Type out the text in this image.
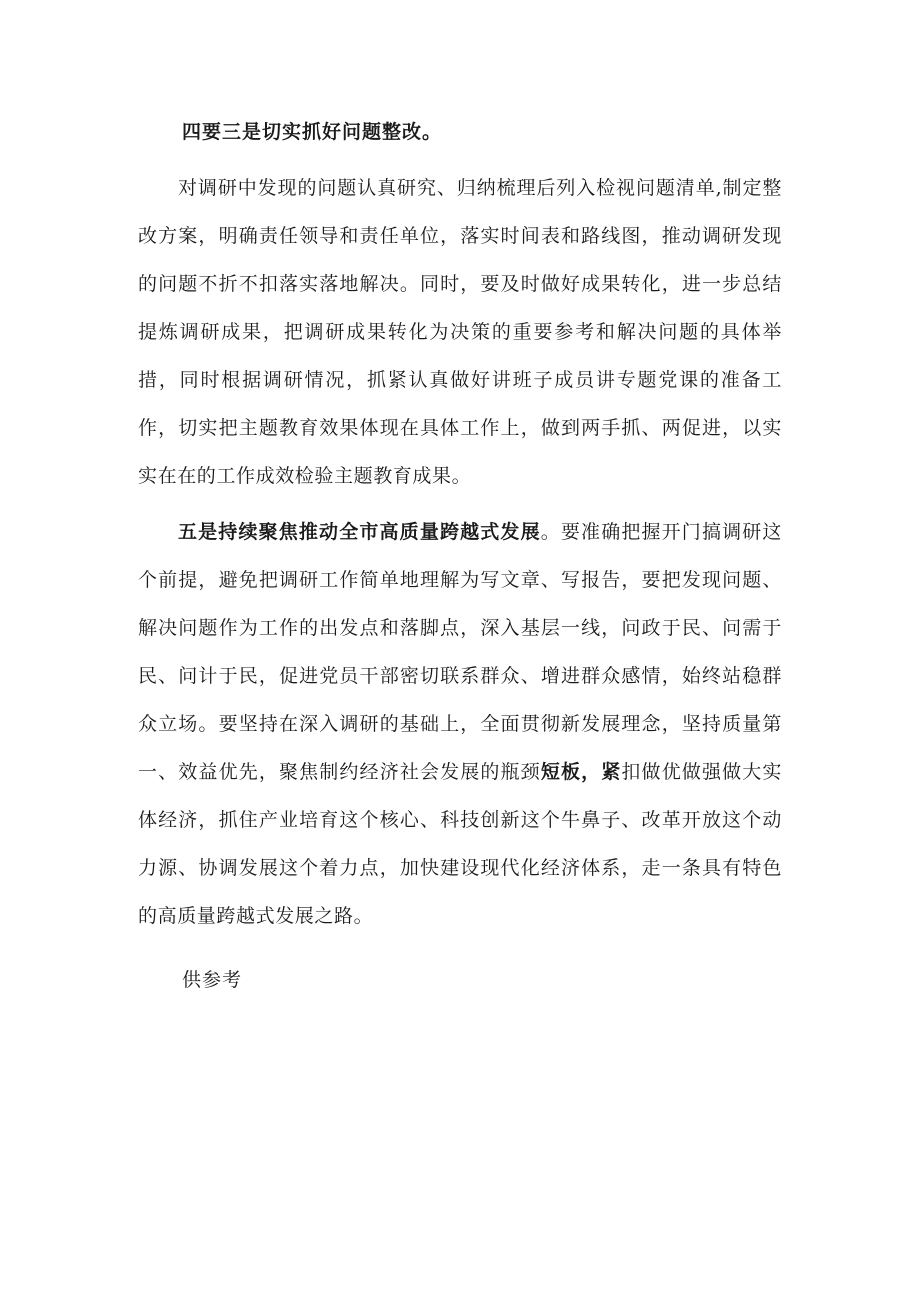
四要三是切实抓好问题整改。

对调研中发现的问题认真研究、归纳梳理后列入检视问题清单,制定整改方案，明确责任领导和责任单位，落实时间表和路线图，推动调研发现的问题不折不扣落实落地解决。同时，要及时做好成果转化，进一步总结提炼调研成果，把调研成果转化为决策的重要参考和解决问题的具体举措，同时根据调研情况，抓紧认真做好讲班子成员讲专题党课的准备工作，切实把主题教育效果体现在具体工作上，做到两手抓、两促进，以实实在在的工作成效检验主题教育成果。

五是持续聚焦推动全市高质量跨越式发展。要准确把握开门搞调研这个前提，避免把调研工作简单地理解为写文章、写报告，要把发现问题、解决问题作为工作的出发点和落脚点，深入基层一线，问政于民、问需于民、问计于民，促进党员干部密切联系群众、增进群众感情，始终站稳群众立场。要坚持在深入调研的基础上，全面贯彻新发展理念，坚持质量第一、效益优先，聚焦制约经济社会发展的瓶颈短板，紧扣做优做强做大实体经济，抓住产业培育这个核心、科技创新这个牛鼻子、改革开放这个动力源、协调发展这个着力点，加快建设现代化经济体系，走一条具有特色的高质量跨越式发展之路。

供参考
